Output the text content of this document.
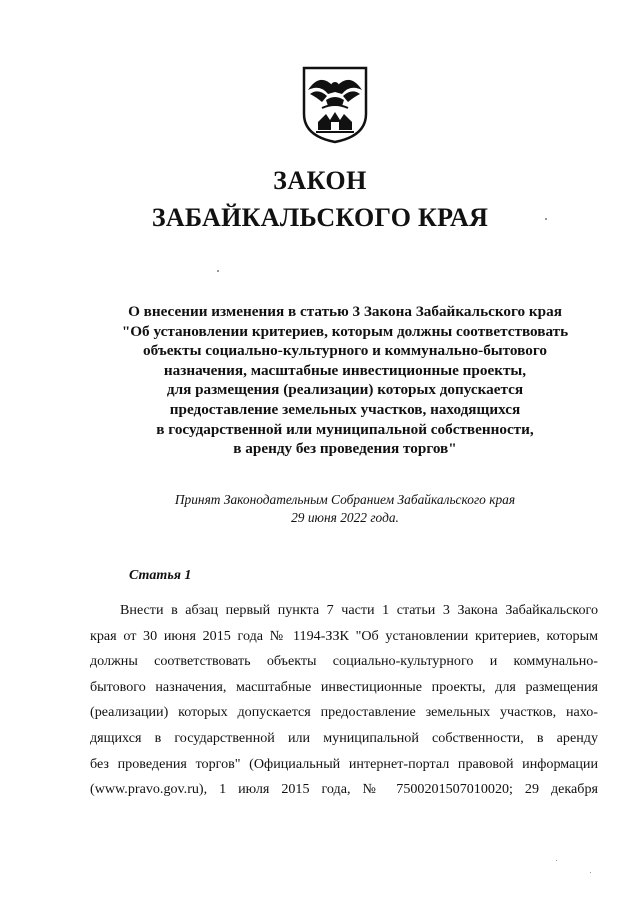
ЗАКОН
ЗАБАЙКАЛЬСКОГО КРАЯ
О внесении изменения в статью 3 Закона Забайкальского края
"Об установлении критериев, которым должны соответствовать
объекты социально-культурного и коммунально-бытового
назначения, масштабные инвестиционные проекты,
для размещения (реализации) которых допускается
предоставление земельных участков, находящихся
в государственной или муниципальной собственности,
в аренду без проведения торгов"
Принят Законодательным Собранием Забайкальского края
29 июня 2022 года.
Статья 1
Внести в абзац первый пункта 7 части 1 статьи 3 Закона Забайкальского
края от 30 июня 2015 года № 1194-ЗЗК "Об установлении критериев, которым
должны соответствовать объекты социально-культурного и коммунально-
бытового назначения, масштабные инвестиционные проекты, для размещения
(реализации) которых допускается предоставление земельных участков, нахо-
дящихся в государственной или муниципальной собственности, в аренду
без проведения торгов" (Официальный интернет-портал правовой информации
(www.pravo.gov.ru), 1 июля 2015 года, № 7500201507010020; 29 декабря
